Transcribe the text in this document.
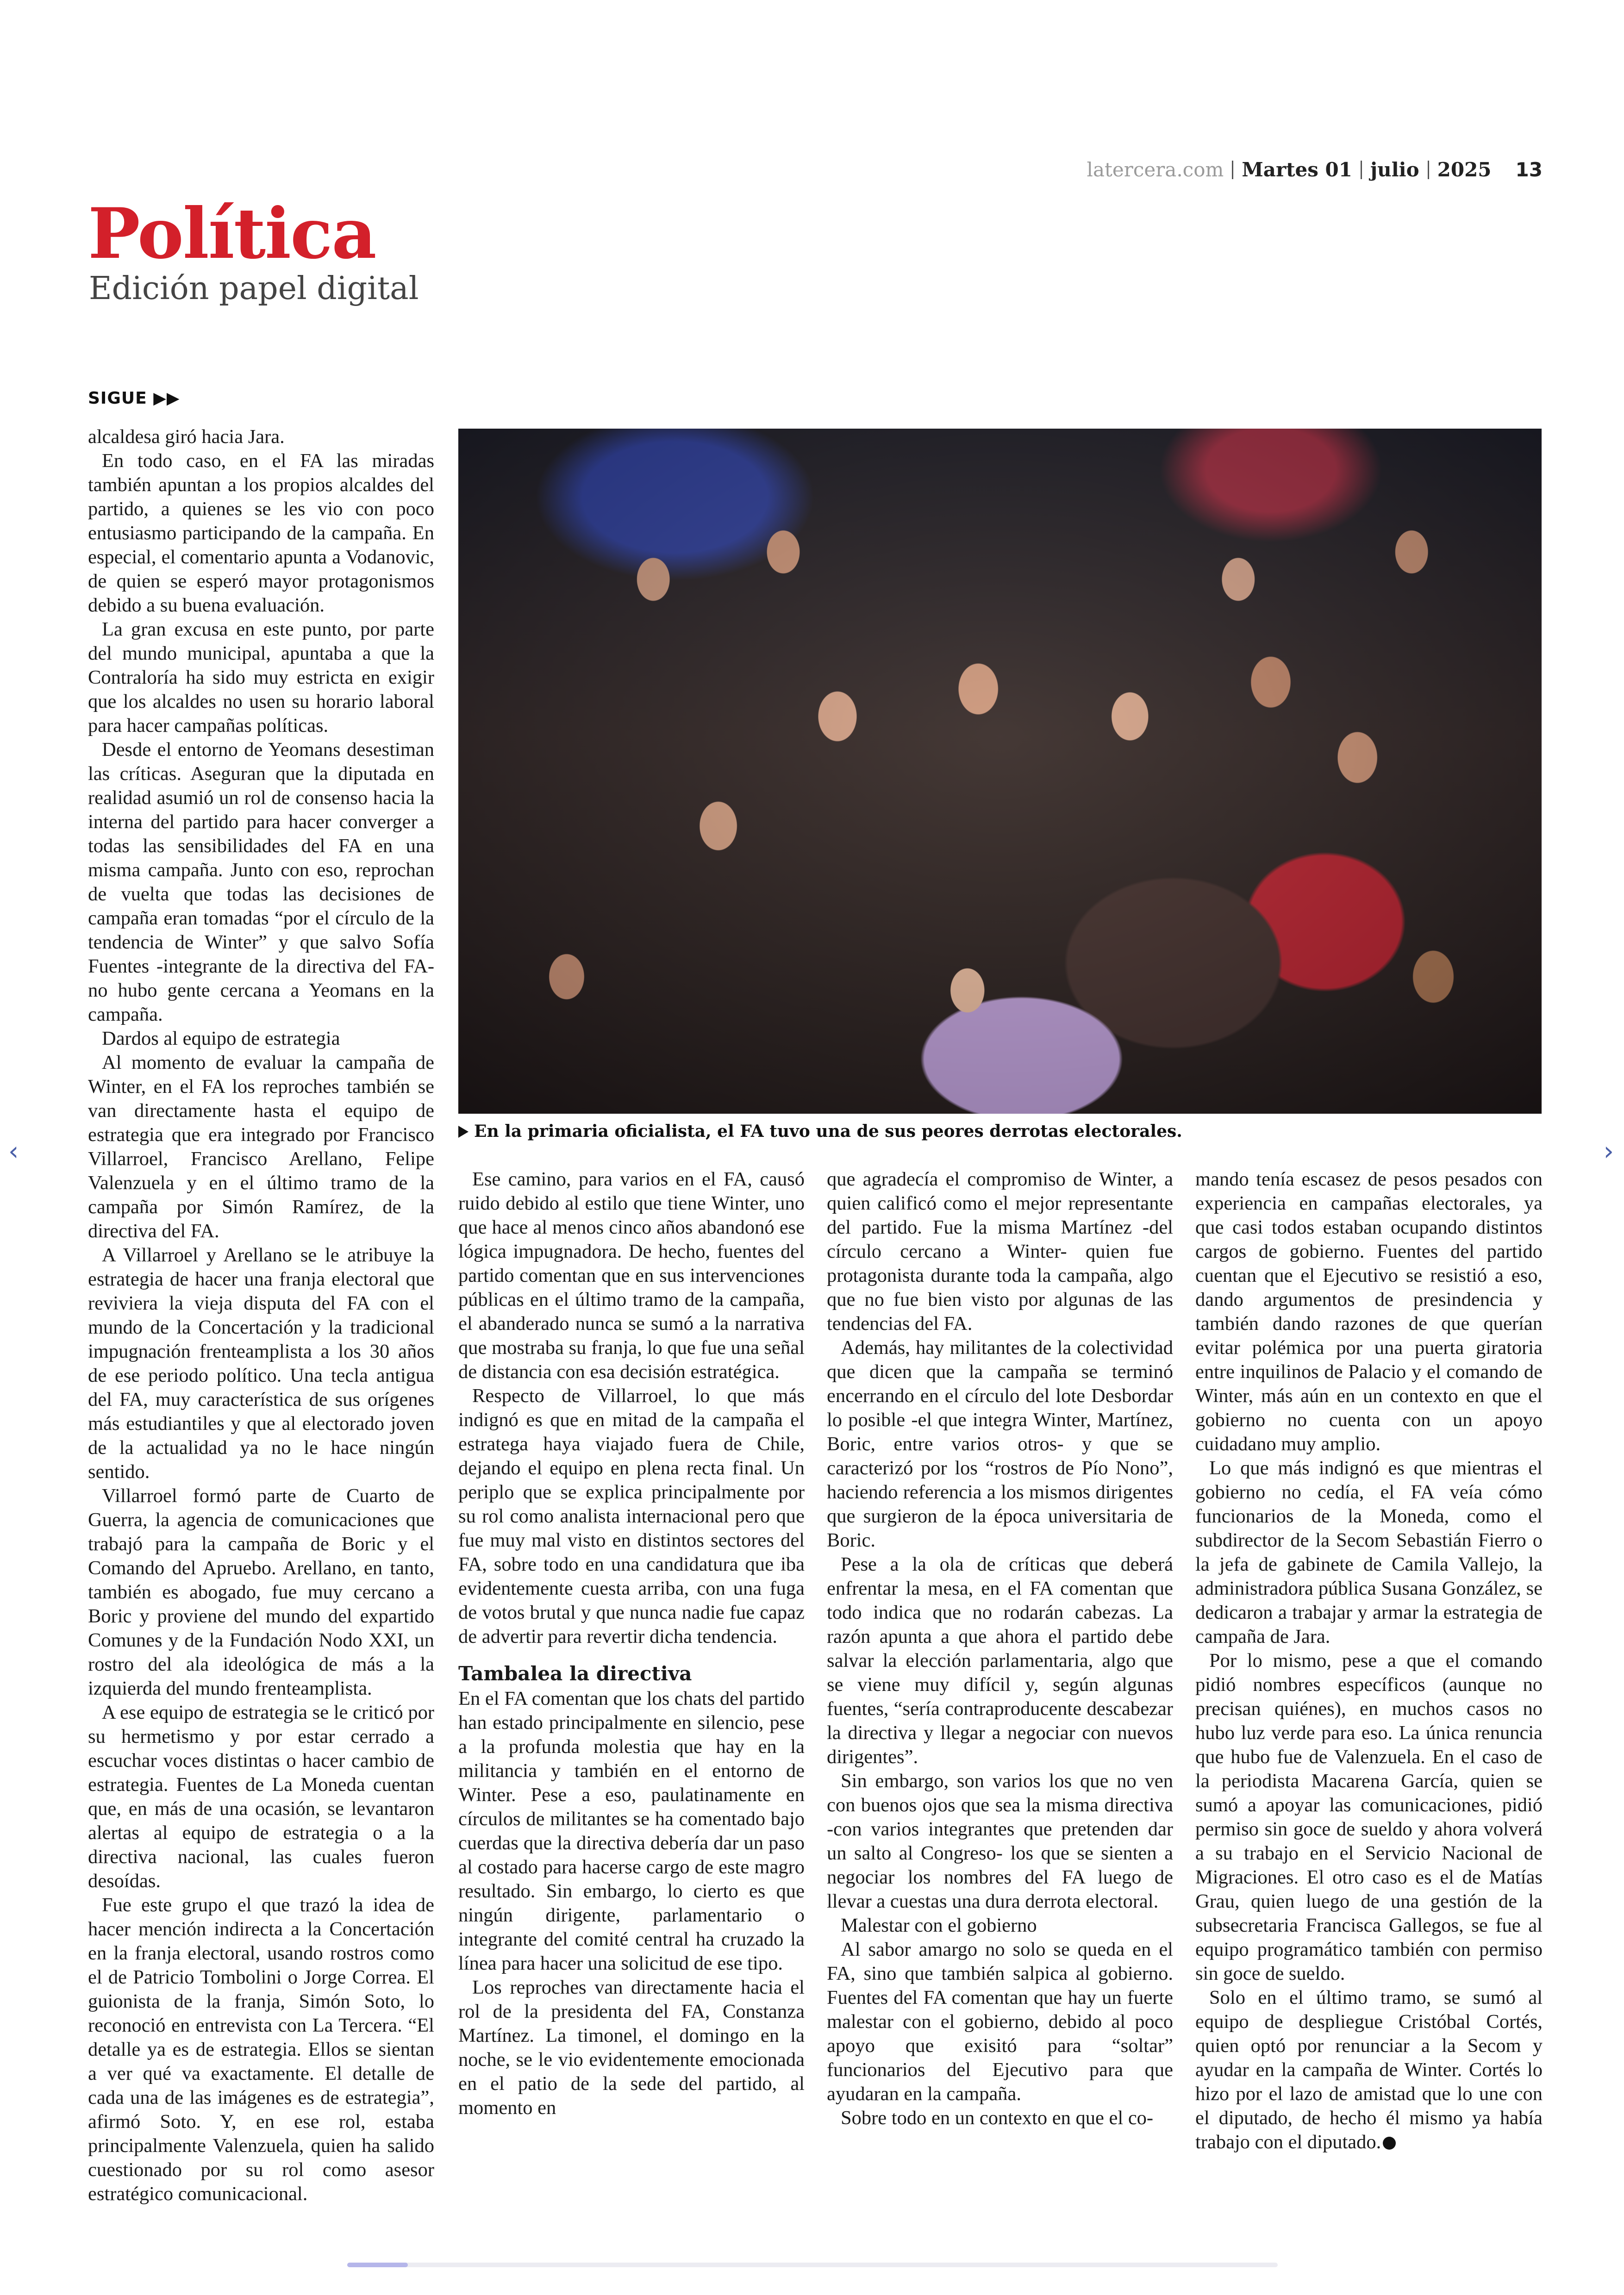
latercera.com Martes 01 julio 2025 13
Política
Edición papel digital
SIGUE ▶▶

alcaldesa giró hacia Jara.

En todo caso, en el FA las miradas también apuntan a los propios alcaldes del partido, a quienes se les vio con poco entusiasmo participando de la campaña. En especial, el comentario apunta a Vodanovic, de quien se esperó mayor protagonismos debido a su buena evaluación.

La gran excusa en este punto, por parte del mundo municipal, apuntaba a que la Contraloría ha sido muy estricta en exigir que los alcaldes no usen su horario laboral para hacer campañas políticas.

Desde el entorno de Yeomans desestiman las críticas. Aseguran que la diputada en realidad asumió un rol de consenso hacia la interna del partido para hacer converger a todas las sensibilidades del FA en una misma campaña. Junto con eso, reprochan de vuelta que todas las decisiones de campaña eran tomadas “por el círculo de la tendencia de Winter” y que salvo Sofía Fuentes -integrante de la directiva del FA- no hubo gente cercana a Yeomans en la campaña.

Dardos al equipo de estrategia

Al momento de evaluar la campaña de Winter, en el FA los reproches también se van directamente hasta el equipo de estrategia que era integrado por Francisco Villarroel, Francisco Arellano, Felipe Valenzuela y en el último tramo de la campaña por Simón Ramírez, de la directiva del FA.

A Villarroel y Arellano se le atribuye la estrategia de hacer una franja electoral que reviviera la vieja disputa del FA con el mundo de la Concertación y la tradicional impugnación frenteamplista a los 30 años de ese periodo político. Una tecla antigua del FA, muy característica de sus orígenes más estudiantiles y que al electorado joven de la actualidad ya no le hace ningún sentido.

Villarroel formó parte de Cuarto de Guerra, la agencia de comunicaciones que trabajó para la campaña de Boric y el Comando del Apruebo. Arellano, en tanto, también es abogado, fue muy cercano a Boric y proviene del mundo del expartido Comunes y de la Fundación Nodo XXI, un rostro del ala ideológica de más a la izquierda del mundo frenteamplista.

A ese equipo de estrategia se le criticó por su hermetismo y por estar cerrado a escuchar voces distintas o hacer cambio de estrategia. Fuentes de La Moneda cuentan que, en más de una ocasión, se levantaron alertas al equipo de estrategia o a la directiva nacional, las cuales fueron desoídas.

Fue este grupo el que trazó la idea de hacer mención indirecta a la Concertación en la franja electoral, usando rostros como el de Patricio Tombolini o Jorge Correa. El guionista de la franja, Simón Soto, lo reconoció en entrevista con La Tercera. “El detalle ya es de estrategia. Ellos se sientan a ver qué va exactamente. El detalle de cada una de las imágenes es de estrategia”, afirmó Soto. Y, en ese rol, estaba principalmente Valenzuela, quien ha salido cuestionado por su rol como asesor estratégico comunicacional.

En la primaria oficialista, el FA tuvo una de sus peores derrotas electorales.

Ese camino, para varios en el FA, causó ruido debido al estilo que tiene Winter, uno que hace al menos cinco años abandonó ese lógica impugnadora. De hecho, fuentes del partido comentan que en sus intervenciones públicas en el último tramo de la campaña, el abanderado nunca se sumó a la narrativa que mostraba su franja, lo que fue una señal de distancia con esa decisión estratégica.

Respecto de Villarroel, lo que más indignó es que en mitad de la campaña el estratega haya viajado fuera de Chile, dejando el equipo en plena recta final. Un periplo que se explica principalmente por su rol como analista internacional pero que fue muy mal visto en distintos sectores del FA, sobre todo en una candidatura que iba evidentemente cuesta arriba, con una fuga de votos brutal y que nunca nadie fue capaz de advertir para revertir dicha tendencia.

Tambalea la directiva

En el FA comentan que los chats del partido han estado principalmente en silencio, pese a la profunda molestia que hay en la militancia y también en el entorno de Winter. Pese a eso, paulatinamente en círculos de militantes se ha comentado bajo cuerdas que la directiva debería dar un paso al costado para hacerse cargo de este magro resultado. Sin embargo, lo cierto es que ningún dirigente, parlamentario o integrante del comité central ha cruzado la línea para hacer una solicitud de ese tipo.

Los reproches van directamente hacia el rol de la presidenta del FA, Constanza Martínez. La timonel, el domingo en la noche, se le vio evidentemente emocionada en el patio de la sede del partido, al momento en

que agradecía el compromiso de Winter, a quien calificó como el mejor representante del partido. Fue la misma Martínez -del círculo cercano a Winter- quien fue protagonista durante toda la campaña, algo que no fue bien visto por algunas de las tendencias del FA.

Además, hay militantes de la colectividad que dicen que la campaña se terminó encerrando en el círculo del lote Desbordar lo posible -el que integra Winter, Martínez, Boric, entre varios otros- y que se caracterizó por los “rostros de Pío Nono”, haciendo referencia a los mismos dirigentes que surgieron de la época universitaria de Boric.

Pese a la ola de críticas que deberá enfrentar la mesa, en el FA comentan que todo indica que no rodarán cabezas. La razón apunta a que ahora el partido debe salvar la elección parlamentaria, algo que se viene muy difícil y, según algunas fuentes, “sería contraproducente descabezar la directiva y llegar a negociar con nuevos dirigentes”.

Sin embargo, son varios los que no ven con buenos ojos que sea la misma directiva -con varios integrantes que pretenden dar un salto al Congreso- los que se sienten a negociar los nombres del FA luego de llevar a cuestas una dura derrota electoral.

Malestar con el gobierno

Al sabor amargo no solo se queda en el FA, sino que también salpica al gobierno. Fuentes del FA comentan que hay un fuerte malestar con el gobierno, debido al poco apoyo que exisitó para “soltar” funcionarios del Ejecutivo para que ayudaran en la campaña.

Sobre todo en un contexto en que el co-

mando tenía escasez de pesos pesados con experiencia en campañas electorales, ya que casi todos estaban ocupando distintos cargos de gobierno. Fuentes del partido cuentan que el Ejecutivo se resistió a eso, dando argumentos de presindencia y también dando razones de que querían evitar polémica por una puerta giratoria entre inquilinos de Palacio y el comando de Winter, más aún en un contexto en que el gobierno no cuenta con un apoyo cuidadano muy amplio.

Lo que más indignó es que mientras el gobierno no cedía, el FA veía cómo funcionarios de la Moneda, como el subdirector de la Secom Sebastián Fierro o la jefa de gabinete de Camila Vallejo, la administradora pública Susana González, se dedicaron a trabajar y armar la estrategia de campaña de Jara.

Por lo mismo, pese a que el comando pidió nombres específicos (aunque no precisan quiénes), en muchos casos no hubo luz verde para eso. La única renuncia que hubo fue de Valenzuela. En el caso de la periodista Macarena García, quien se sumó a apoyar las comunicaciones, pidió permiso sin goce de sueldo y ahora volverá a su trabajo en el Servicio Nacional de Migraciones. El otro caso es el de Matías Grau, quien luego de una gestión de la subsecretaria Francisca Gallegos, se fue al equipo programático también con permiso sin goce de sueldo.

Solo en el último tramo, se sumó al equipo de despliegue Cristóbal Cortés, quien optó por renunciar a la Secom y ayudar en la campaña de Winter. Cortés lo hizo por el lazo de amistad que lo une con el diputado, de hecho él mismo ya había trabajo con el diputado.

‹	›
